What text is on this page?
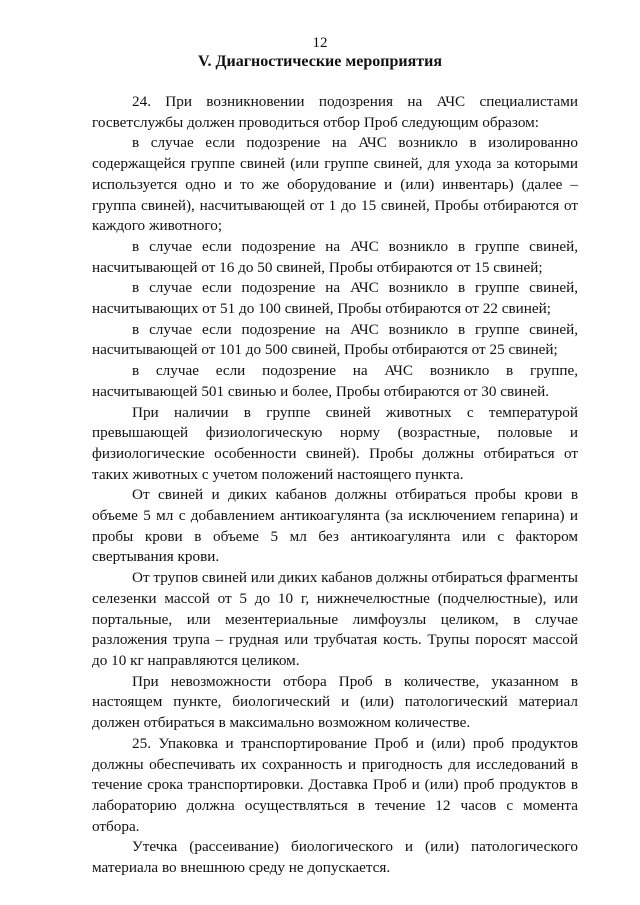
12
V. Диагностические мероприятия

24. При возникновении подозрения на АЧС специалистами госветслужбы должен проводиться отбор Проб следующим образом:

в случае если подозрение на АЧС возникло в изолированно содержащейся группе свиней (или группе свиней, для ухода за которыми используется одно и то же оборудование и (или) инвентарь) (далее – группа свиней), насчитывающей от 1 до 15 свиней, Пробы отбираются от каждого животного;

в случае если подозрение на АЧС возникло в группе свиней, насчитывающей от 16 до 50 свиней, Пробы отбираются от 15 свиней;

в случае если подозрение на АЧС возникло в группе свиней, насчитывающих от 51 до 100 свиней, Пробы отбираются от 22 свиней;

в случае если подозрение на АЧС возникло в группе свиней, насчитывающей от 101 до 500 свиней, Пробы отбираются от 25 свиней;

в случае если подозрение на АЧС возникло в группе, насчитывающей 501 свинью и более, Пробы отбираются от 30 свиней.

При наличии в группе свиней животных с температурой превышающей физиологическую норму (возрастные, половые и физиологические особенности свиней). Пробы должны отбираться от таких животных с учетом положений настоящего пункта.

От свиней и диких кабанов должны отбираться пробы крови в объеме 5 мл с добавлением антикоагулянта (за исключением гепарина) и пробы крови в объеме 5 мл без антикоагулянта или с фактором свертывания крови.

От трупов свиней или диких кабанов должны отбираться фрагменты селезенки массой от 5 до 10 г, нижнечелюстные (подчелюстные), или портальные, или мезентериальные лимфоузлы целиком, в случае разложения трупа – грудная или трубчатая кость. Трупы поросят массой до 10 кг направляются целиком.

При невозможности отбора Проб в количестве, указанном в настоящем пункте, биологический и (или) патологический материал должен отбираться в максимально возможном количестве.

25. Упаковка и транспортирование Проб и (или) проб продуктов должны обеспечивать их сохранность и пригодность для исследований в течение срока транспортировки. Доставка Проб и (или) проб продуктов в лабораторию должна осуществляться в течение 12 часов с момента отбора.

Утечка (рассеивание) биологического и (или) патологического материала во внешнюю среду не допускается.
